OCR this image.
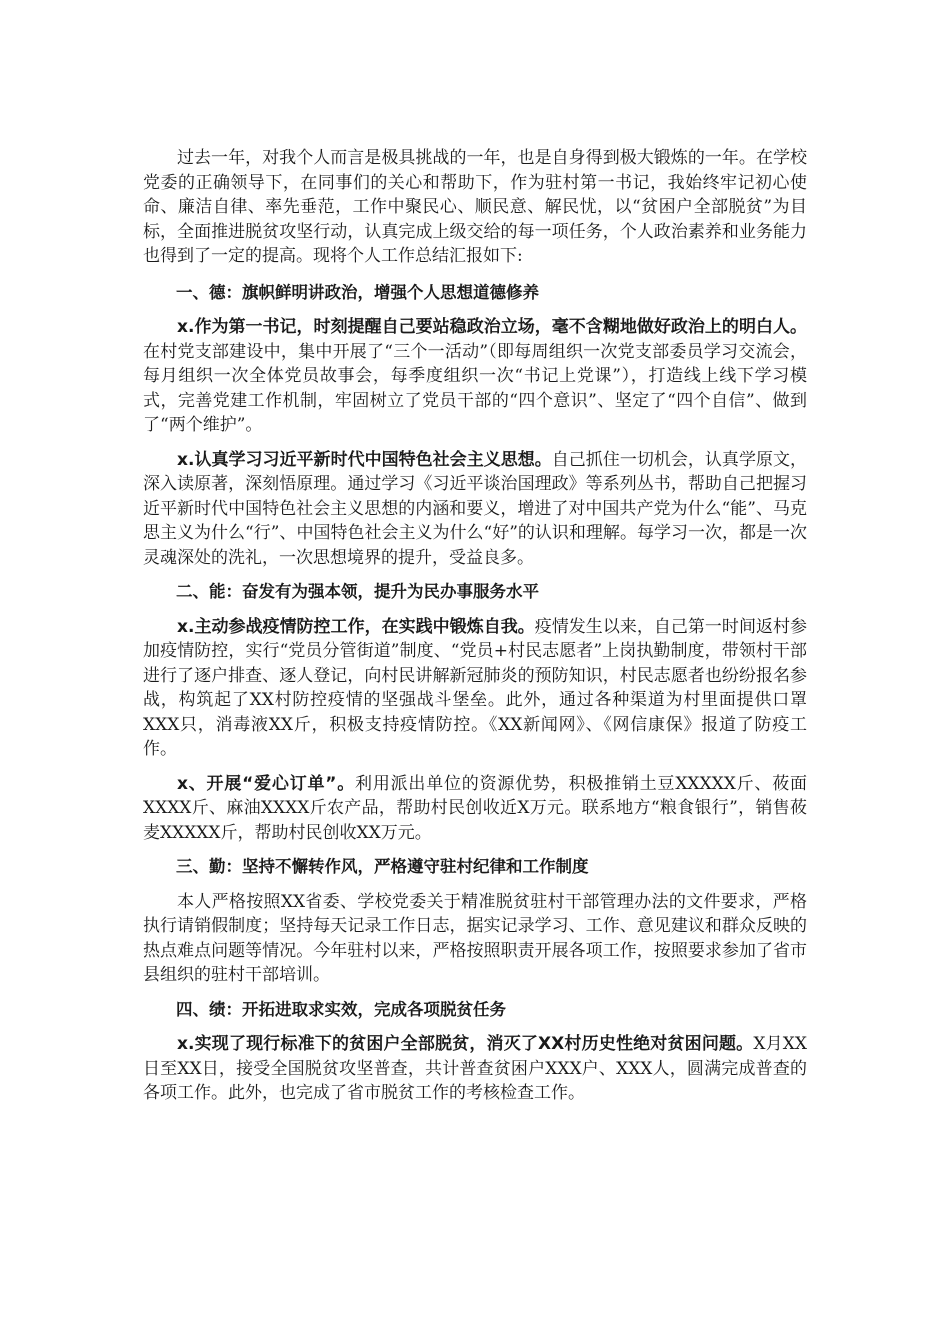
过去一年，对我个人而言是极具挑战的一年，也是自身得到极大锻炼的一年。在学校党委的正确领导下，在同事们的关心和帮助下，作为驻村第一书记，我始终牢记初心使命、廉洁自律、率先垂范，工作中聚民心、顺民意、解民忧，以“贫困户全部脱贫”为目标，全面推进脱贫攻坚行动，认真完成上级交给的每一项任务，个人政治素养和业务能力也得到了一定的提高。现将个人工作总结汇报如下:

一、德：旗帜鲜明讲政治，增强个人思想道德修养

x.作为第一书记，时刻提醒自己要站稳政治立场，毫不含糊地做好政治上的明白人。在村党支部建设中，集中开展了“三个一活动”（即每周组织一次党支部委员学习交流会，每月组织一次全体党员故事会，每季度组织一次“书记上党课”），打造线上线下学习模式，完善党建工作机制，牢固树立了党员干部的“四个意识”、坚定了“四个自信”、做到了“两个维护”。

x.认真学习习近平新时代中国特色社会主义思想。自己抓住一切机会，认真学原文，深入读原著，深刻悟原理。通过学习《习近平谈治国理政》等系列丛书，帮助自己把握习近平新时代中国特色社会主义思想的内涵和要义，增进了对中国共产党为什么“能”、马克思主义为什么“行”、中国特色社会主义为什么“好”的认识和理解。每学习一次，都是一次灵魂深处的洗礼，一次思想境界的提升，受益良多。

二、能：奋发有为强本领，提升为民办事服务水平

x.主动参战疫情防控工作，在实践中锻炼自我。疫情发生以来，自己第一时间返村参加疫情防控，实行“党员分管街道”制度、“党员+村民志愿者”上岗执勤制度，带领村干部进行了逐户排查、逐人登记，向村民讲解新冠肺炎的预防知识，村民志愿者也纷纷报名参战，构筑起了XX村防控疫情的坚强战斗堡垒。此外，通过各种渠道为村里面提供口罩XXX只，消毒液XX斤，积极支持疫情防控。《XX新闻网》、《网信康保》报道了防疫工作。

x、开展“爱心订单”。利用派出单位的资源优势，积极推销土豆XXXXX斤、莜面XXXX斤、麻油XXXX斤农产品，帮助村民创收近X万元。联系地方“粮食银行”，销售莜麦XXXXX斤，帮助村民创收XX万元。

三、勤：坚持不懈转作风，严格遵守驻村纪律和工作制度

本人严格按照XX省委、学校党委关于精准脱贫驻村干部管理办法的文件要求，严格执行请销假制度；坚持每天记录工作日志，据实记录学习、工作、意见建议和群众反映的热点难点问题等情况。今年驻村以来，严格按照职责开展各项工作，按照要求参加了省市县组织的驻村干部培训。

四、绩：开拓进取求实效，完成各项脱贫任务

x.实现了现行标准下的贫困户全部脱贫，消灭了XX村历史性绝对贫困问题。X月XX日至XX日，接受全国脱贫攻坚普查，共计普查贫困户XXX户、XXX人，圆满完成普查的各项工作。此外，也完成了省市脱贫工作的考核检查工作。
